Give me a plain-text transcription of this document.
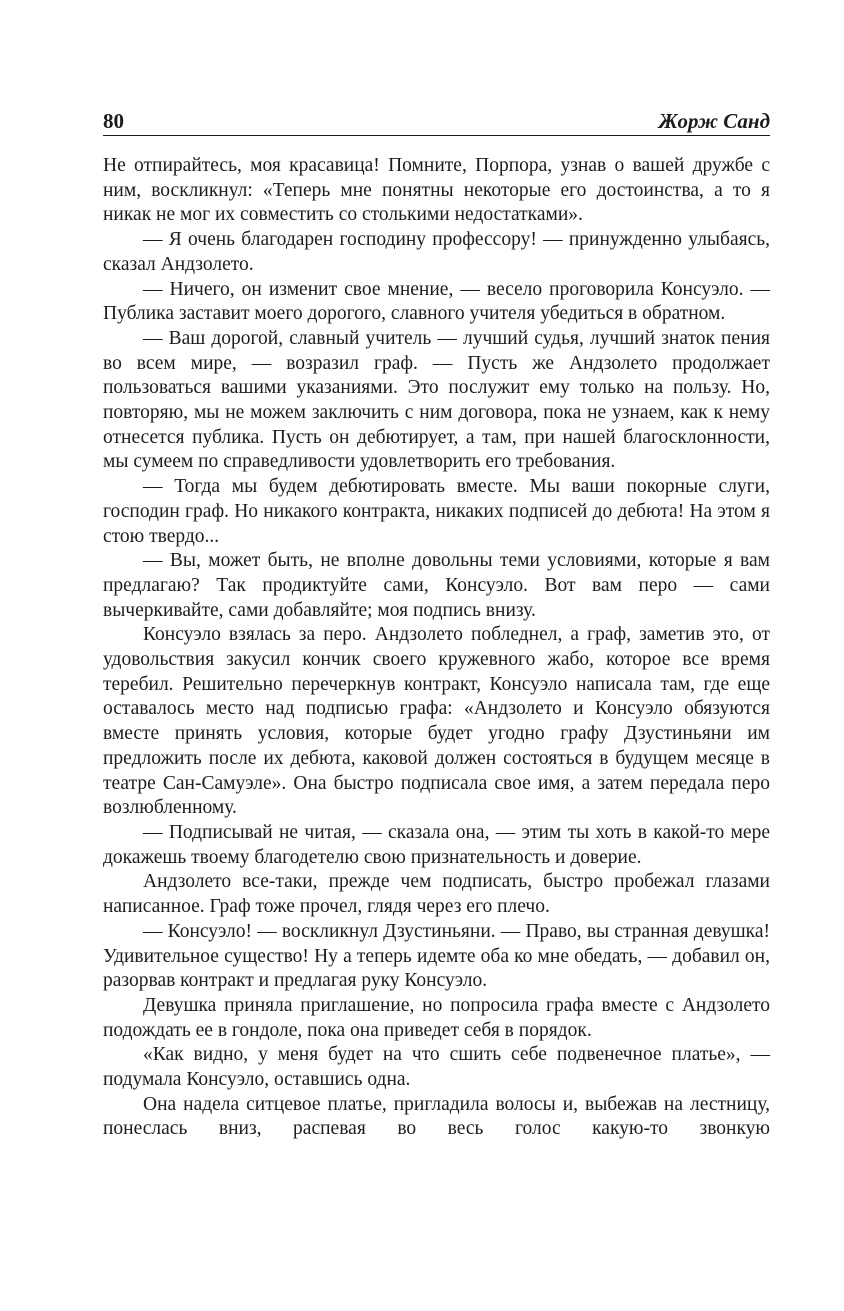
80	Жорж Санд

Не отпирайтесь, моя красавица! Помните, Порпора, узнав о вашей дружбе с ним, воскликнул: «Теперь мне понятны некоторые его достоинства, а то я никак не мог их совместить со столькими недостатками».

— Я очень благодарен господину профессору! — принужденно улыбаясь, сказал Андзолето.

— Ничего, он изменит свое мнение, — весело проговорила Консуэло. — Публика заставит моего дорогого, славного учителя убедиться в обратном.

— Ваш дорогой, славный учитель — лучший судья, лучший знаток пения во всем мире, — возразил граф. — Пусть же Андзолето продолжает пользоваться вашими указаниями. Это послужит ему только на пользу. Но, повторяю, мы не можем заключить с ним договора, пока не узнаем, как к нему отнесется публика. Пусть он дебютирует, а там, при нашей благосклонности, мы сумеем по справедливости удовлетворить его требования.

— Тогда мы будем дебютировать вместе. Мы ваши покорные слуги, господин граф. Но никакого контракта, никаких подписей до дебюта! На этом я стою твердо...

— Вы, может быть, не вполне довольны теми условиями, которые я вам предлагаю? Так продиктуйте сами, Консуэло. Вот вам перо — сами вычеркивайте, сами добавляйте; моя подпись внизу.

Консуэло взялась за перо. Андзолето побледнел, а граф, заметив это, от удовольствия закусил кончик своего кружевного жабо, которое все время теребил. Решительно перечеркнув контракт, Консуэло написала там, где еще оставалось место над подписью графа: «Андзолето и Консуэло обязуются вместе принять условия, которые будет угодно графу Дзустиньяни им предложить после их дебюта, каковой должен состояться в будущем месяце в театре Сан-Самуэле». Она быстро подписала свое имя, а затем передала перо возлюбленному.

— Подписывай не читая, — сказала она, — этим ты хоть в какой-то мере докажешь твоему благодетелю свою признательность и доверие.

Андзолето все-таки, прежде чем подписать, быстро пробежал глазами написанное. Граф тоже прочел, глядя через его плечо.

— Консуэло! — воскликнул Дзустиньяни. — Право, вы странная девушка! Удивительное существо! Ну а теперь идемте оба ко мне обедать, — добавил он, разорвав контракт и предлагая руку Консуэло.

Девушка приняла приглашение, но попросила графа вместе с Андзолето подождать ее в гондоле, пока она приведет себя в порядок.

«Как видно, у меня будет на что сшить себе подвенечное платье», — подумала Консуэло, оставшись одна.

Она надела ситцевое платье, пригладила волосы и, выбежав на лестницу, понеслась вниз, распевая во весь голос какую-то звонкую
